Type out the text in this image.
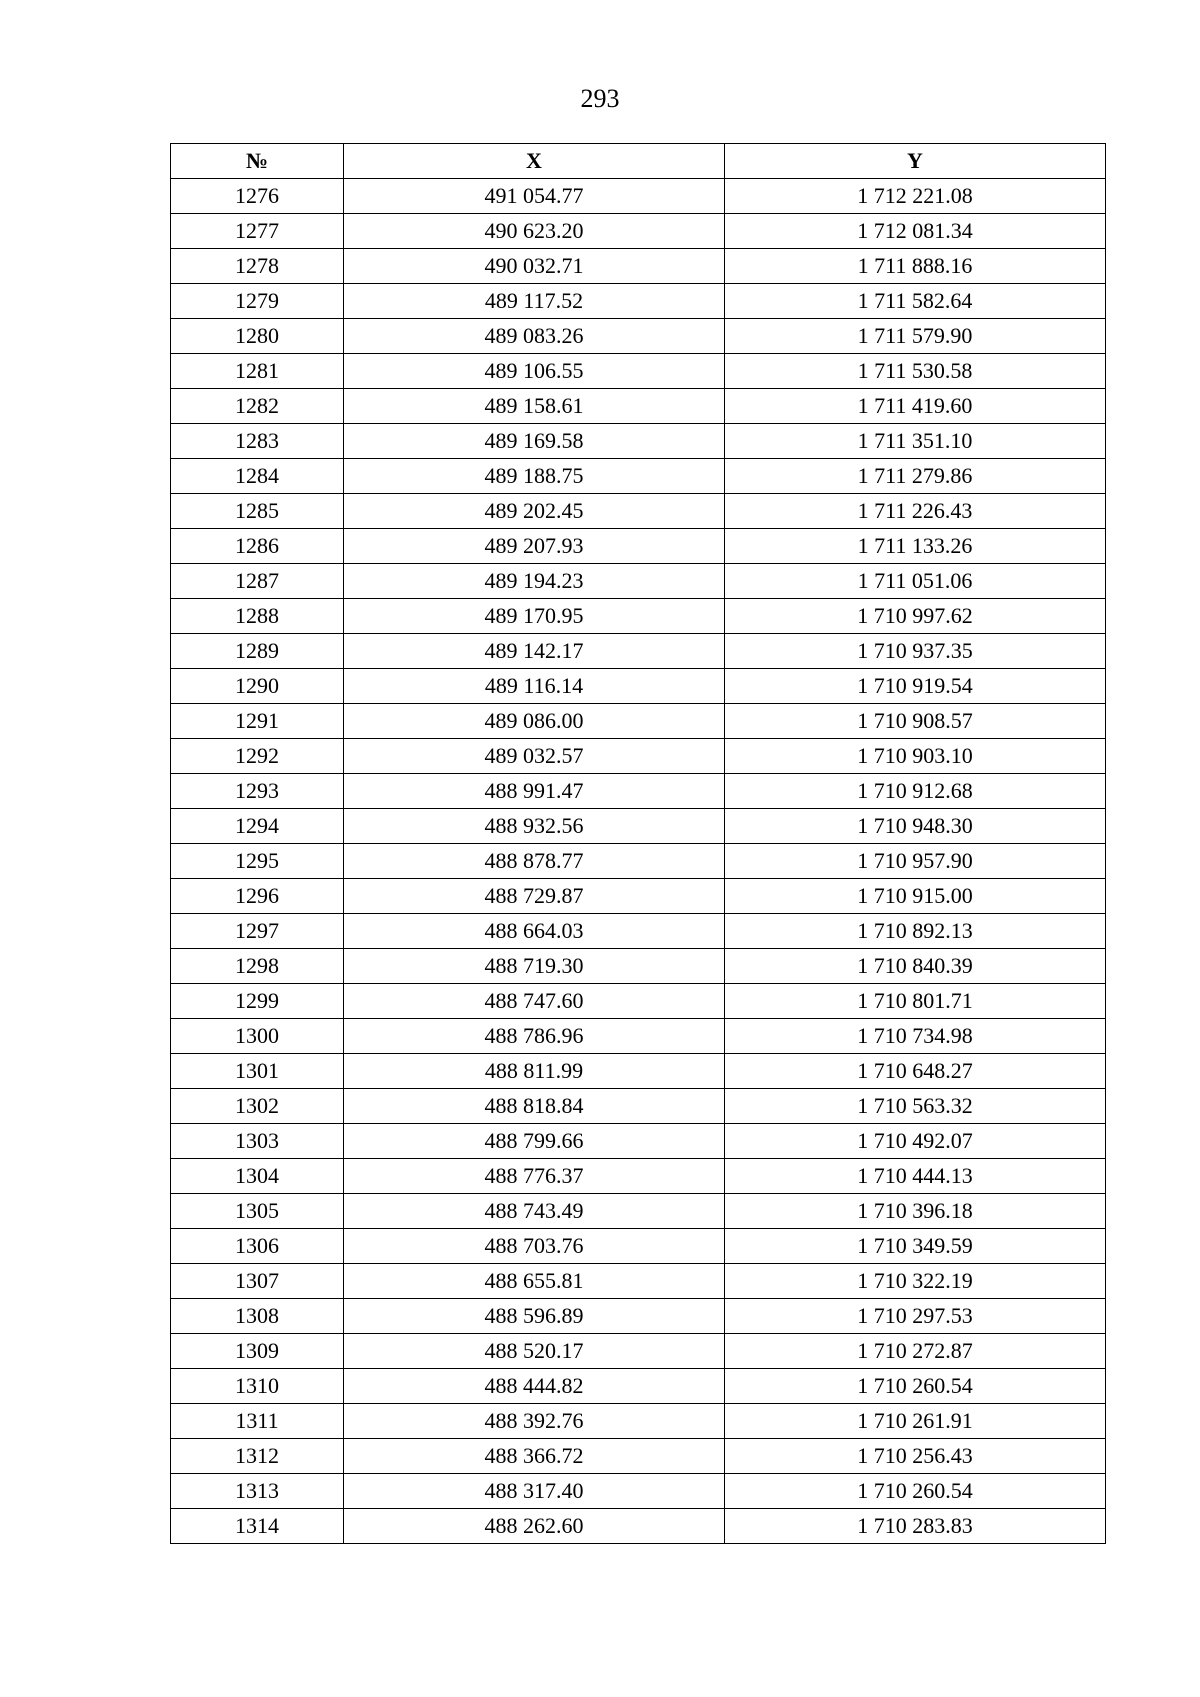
293
№	X	Y
1276	491 054.77	1 712 221.08
1277	490 623.20	1 712 081.34
1278	490 032.71	1 711 888.16
1279	489 117.52	1 711 582.64
1280	489 083.26	1 711 579.90
1281	489 106.55	1 711 530.58
1282	489 158.61	1 711 419.60
1283	489 169.58	1 711 351.10
1284	489 188.75	1 711 279.86
1285	489 202.45	1 711 226.43
1286	489 207.93	1 711 133.26
1287	489 194.23	1 711 051.06
1288	489 170.95	1 710 997.62
1289	489 142.17	1 710 937.35
1290	489 116.14	1 710 919.54
1291	489 086.00	1 710 908.57
1292	489 032.57	1 710 903.10
1293	488 991.47	1 710 912.68
1294	488 932.56	1 710 948.30
1295	488 878.77	1 710 957.90
1296	488 729.87	1 710 915.00
1297	488 664.03	1 710 892.13
1298	488 719.30	1 710 840.39
1299	488 747.60	1 710 801.71
1300	488 786.96	1 710 734.98
1301	488 811.99	1 710 648.27
1302	488 818.84	1 710 563.32
1303	488 799.66	1 710 492.07
1304	488 776.37	1 710 444.13
1305	488 743.49	1 710 396.18
1306	488 703.76	1 710 349.59
1307	488 655.81	1 710 322.19
1308	488 596.89	1 710 297.53
1309	488 520.17	1 710 272.87
1310	488 444.82	1 710 260.54
1311	488 392.76	1 710 261.91
1312	488 366.72	1 710 256.43
1313	488 317.40	1 710 260.54
1314	488 262.60	1 710 283.83
